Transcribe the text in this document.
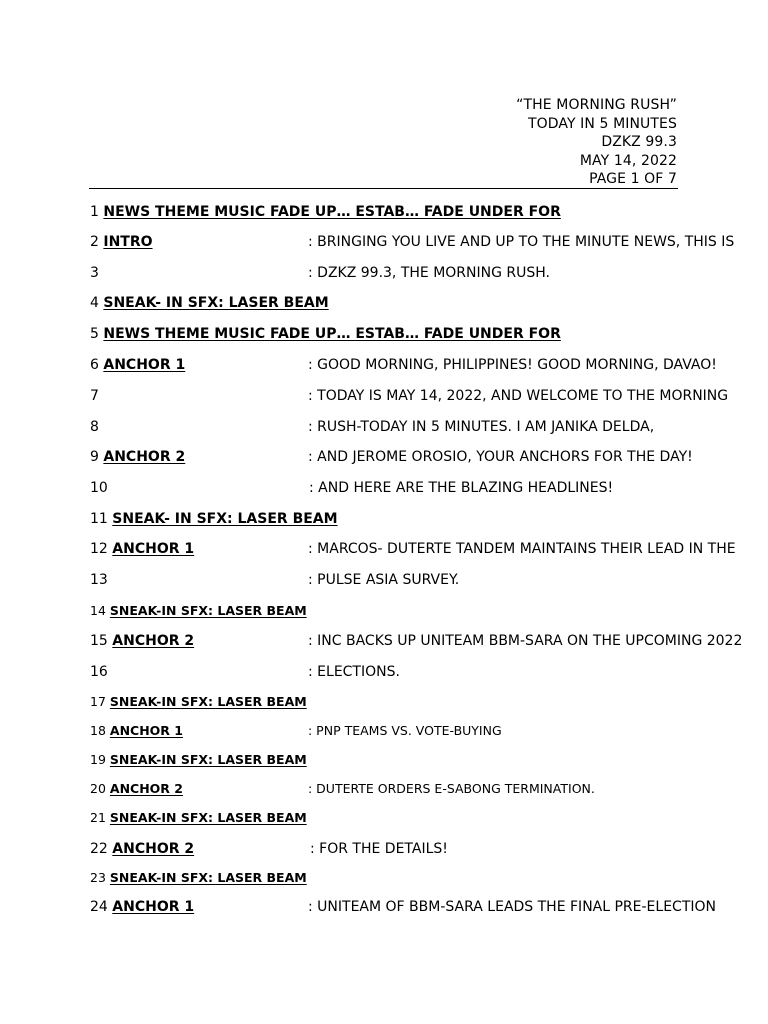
“THE MORNING RUSH”
TODAY IN 5 MINUTES
DZKZ 99.3
MAY 14, 2022
PAGE 1 OF 7
1 NEWS THEME MUSIC FADE UP… ESTAB… FADE UNDER FOR
2 INTRO	: BRINGING YOU LIVE AND UP TO THE MINUTE NEWS, THIS IS
3	: DZKZ 99.3, THE MORNING RUSH.
4 SNEAK- IN SFX: LASER BEAM
5 NEWS THEME MUSIC FADE UP… ESTAB… FADE UNDER FOR
6 ANCHOR 1	: GOOD MORNING, PHILIPPINES! GOOD MORNING, DAVAO!
7	: TODAY IS MAY 14, 2022, AND WELCOME TO THE MORNING
8	: RUSH-TODAY IN 5 MINUTES. I AM JANIKA DELDA,
9 ANCHOR 2	: AND JEROME OROSIO, YOUR ANCHORS FOR THE DAY!
10	: AND HERE ARE THE BLAZING HEADLINES!
11 SNEAK- IN SFX: LASER BEAM
12 ANCHOR 1	: MARCOS- DUTERTE TANDEM MAINTAINS THEIR LEAD IN THE
13	: PULSE ASIA SURVEY.
14 SNEAK-IN SFX: LASER BEAM
15 ANCHOR 2	: INC BACKS UP UNITEAM BBM-SARA ON THE UPCOMING 2022
16	: ELECTIONS.
17 SNEAK-IN SFX: LASER BEAM
18 ANCHOR 1	: PNP TEAMS VS. VOTE-BUYING
19 SNEAK-IN SFX: LASER BEAM
20 ANCHOR 2	: DUTERTE ORDERS E-SABONG TERMINATION.
21 SNEAK-IN SFX: LASER BEAM
22 ANCHOR 2	: FOR THE DETAILS!
23 SNEAK-IN SFX: LASER BEAM
24 ANCHOR 1	: UNITEAM OF BBM-SARA LEADS THE FINAL PRE-ELECTION
